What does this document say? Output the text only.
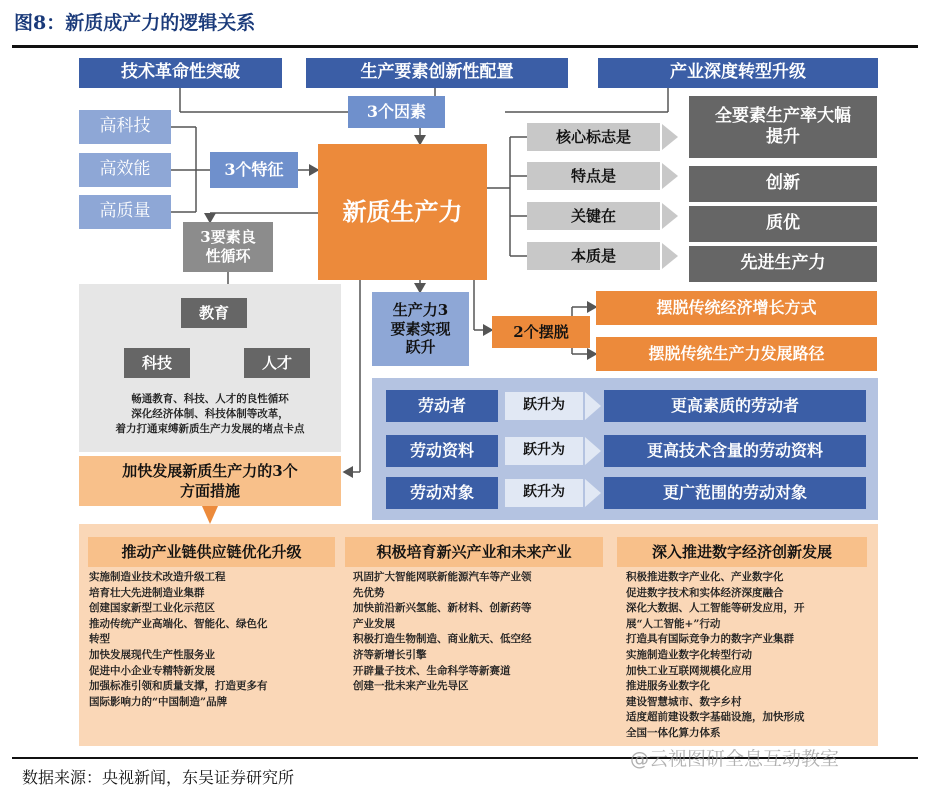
图8：新质成产力的逻辑关系
技术革命性突破	生产要素创新性配置	产业深度转型升级
3个因素
高科技
高效能
高质量
3个特征
新质生产力
核心标志是
特点是
关键在
本质是
全要素生产率大幅提升
创新
质优
先进生产力
3要素良性循环
教育
科技	人才
畅通教育、科技、人才的良性循环
深化经济体制、科技体制等改革，
着力打通束缚新质生产力发展的堵点卡点
加快发展新质生产力的3个方面措施
生产力3要素实现跃升
2个摆脱
摆脱传统经济增长方式
摆脱传统生产力发展路径
劳动者	跃升为	更高素质的劳动者
劳动资料	跃升为	更高技术含量的劳动资料
劳动对象	跃升为	更广范围的劳动对象
推动产业链供应链优化升级	积极培育新兴产业和未来产业	深入推进数字经济创新发展
实施制造业技术改造升级工程
培育壮大先进制造业集群
创建国家新型工业化示范区
推动传统产业高端化、智能化、绿色化
转型
加快发展现代生产性服务业
促进中小企业专精特新发展
加强标准引领和质量支撑，打造更多有
国际影响力的“中国制造”品牌
巩固扩大智能网联新能源汽车等产业领
先优势
加快前沿新兴氢能、新材料、创新药等
产业发展
积极打造生物制造、商业航天、低空经
济等新增长引擎
开辟量子技术、生命科学等新赛道
创建一批未来产业先导区
积极推进数字产业化、产业数字化
促进数字技术和实体经济深度融合
深化大数据、人工智能等研发应用，开
展“人工智能+”行动
打造具有国际竞争力的数字产业集群
实施制造业数字化转型行动
加快工业互联网规模化应用
推进服务业数字化
建设智慧城市、数字乡村
适度超前建设数字基础设施，加快形成
全国一体化算力体系
数据来源：央视新闻，东吴证券研究所
@云视图研全息互动教室
